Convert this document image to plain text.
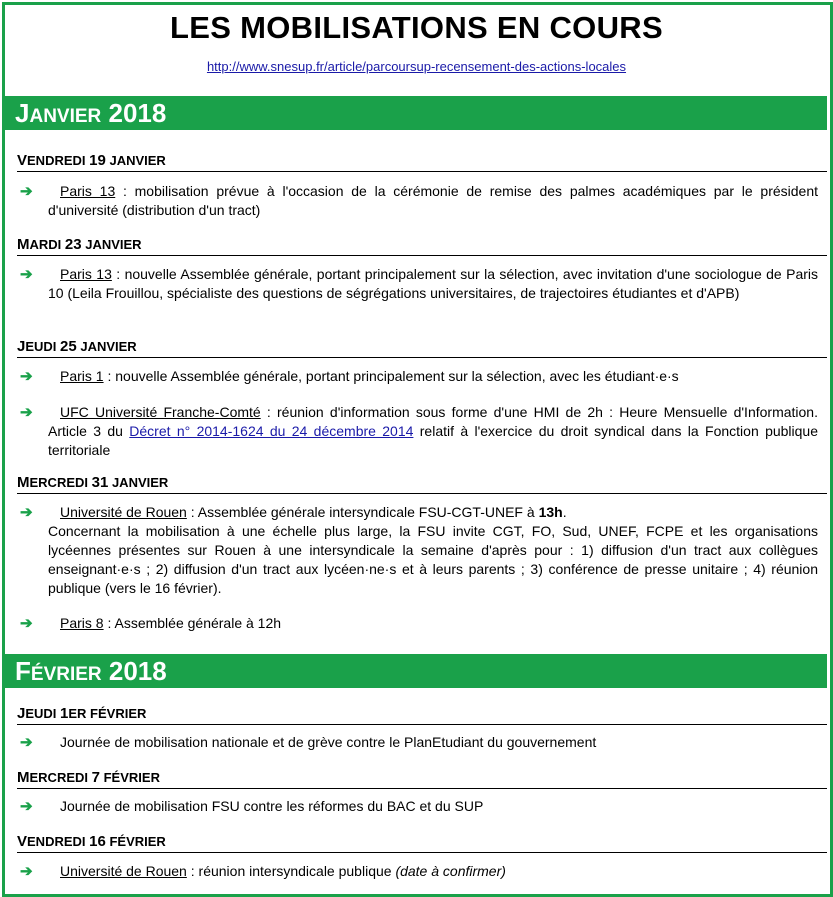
LES MOBILISATIONS EN COURS
http://www.snesup.fr/article/parcoursup-recensement-des-actions-locales
JANVIER 2018
VENDREDI 19 JANVIER
➔	Paris 13 : mobilisation prévue à l'occasion de la cérémonie de remise des palmes académiques par le président d'université (distribution d'un tract)
MARDI 23 JANVIER
➔	Paris 13 : nouvelle Assemblée générale, portant principalement sur la sélection, avec invitation d'une sociologue de Paris 10 (Leila Frouillou, spécialiste des questions de ségrégations universitaires, de trajectoires étudiantes et d'APB)
JEUDI 25 JANVIER
➔	Paris 1 : nouvelle Assemblée générale, portant principalement sur la sélection, avec les étudiant·e·s
➔	UFC Université Franche-Comté : réunion d'information sous forme d'une HMI de 2h : Heure Mensuelle d'Information. Article 3 du Décret n° 2014-1624 du 24 décembre 2014 relatif à l'exercice du droit syndical dans la Fonction publique territoriale
MERCREDI 31 JANVIER
➔	Université de Rouen : Assemblée générale intersyndicale FSU-CGT-UNEF à 13h.
Concernant la mobilisation à une échelle plus large, la FSU invite CGT, FO, Sud, UNEF, FCPE et les organisations lycéennes présentes sur Rouen à une intersyndicale la semaine d'après pour : 1) diffusion d'un tract aux collègues enseignant·e·s ; 2) diffusion d'un tract aux lycéen·ne·s et à leurs parents ; 3) conférence de presse unitaire ; 4) réunion publique (vers le 16 février).
➔	Paris 8 : Assemblée générale à 12h
FÉVRIER 2018
JEUDI 1ER FÉVRIER
➔	Journée de mobilisation nationale et de grève contre le PlanEtudiant du gouvernement
MERCREDI 7 FÉVRIER
➔	Journée de mobilisation FSU contre les réformes du BAC et du SUP
VENDREDI 16 FÉVRIER
➔	Université de Rouen : réunion intersyndicale publique (date à confirmer)
